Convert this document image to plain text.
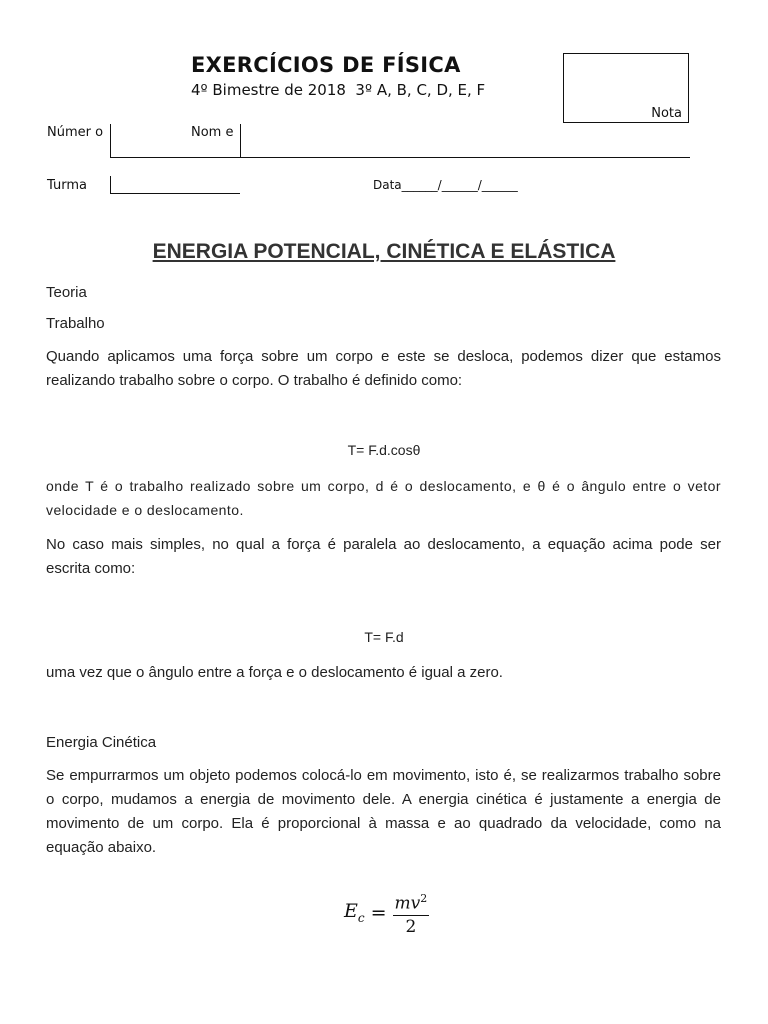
EXERCÍCIOS DE FÍSICA
4º Bimestre de 2018  3º A, B, C, D, E, F
Nota
Númer o	Nom e
Turma	Data______/______/______
ENERGIA POTENCIAL, CINÉTICA E ELÁSTICA
Teoria
Trabalho

Quando aplicamos uma força sobre um corpo e este se desloca, podemos dizer que estamos realizando trabalho sobre o corpo. O trabalho é definido como:

T= F.d.cosθ

onde T é o trabalho realizado sobre um corpo, d é o deslocamento, e θ é o ângulo entre o vetor velocidade e o deslocamento.

No caso mais simples, no qual a força é paralela ao deslocamento, a equação acima pode ser escrita como:

T= F.d

uma vez que o ângulo entre a força e o deslocamento é igual a zero.

Energia Cinética

Se empurrarmos um objeto podemos colocá-lo em movimento, isto é, se realizarmos trabalho sobre o corpo, mudamos a energia de movimento dele. A energia cinética é justamente a energia de movimento de um corpo. Ela é proporcional à massa e ao quadrado da velocidade, como na equação abaixo.

$E_c = \frac{mv^2}{2}$
